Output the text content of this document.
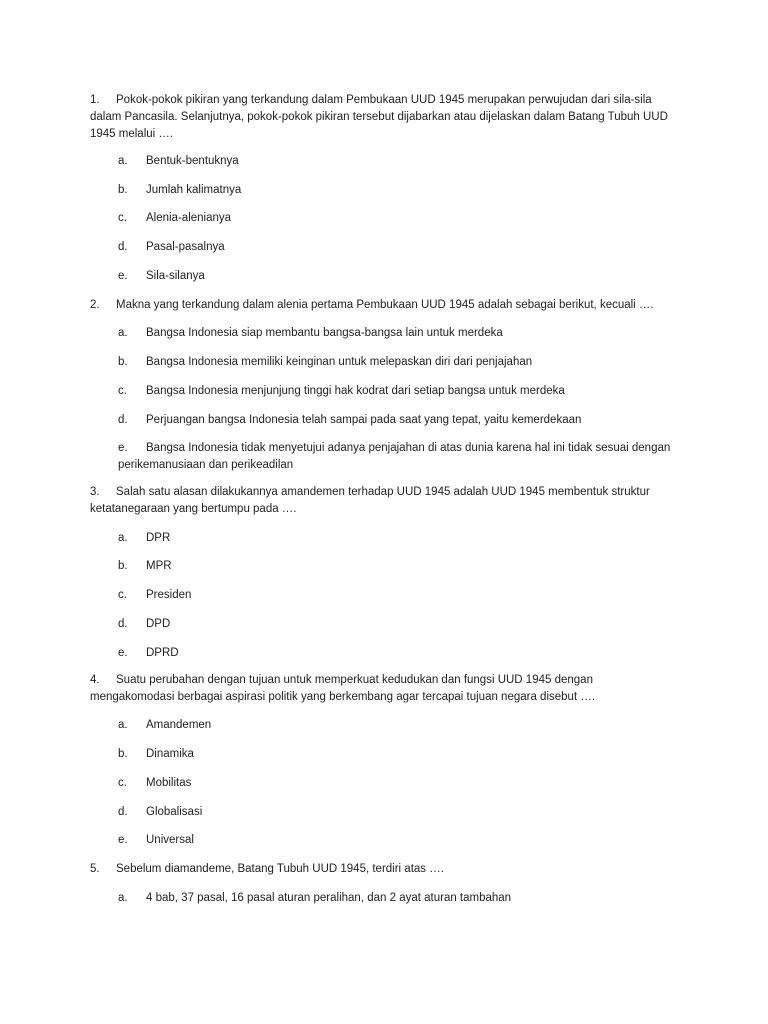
1. Pokok-pokok pikiran yang terkandung dalam Pembukaan UUD 1945 merupakan perwujudan dari sila-sila dalam Pancasila. Selanjutnya, pokok-pokok pikiran tersebut dijabarkan atau dijelaskan dalam Batang Tubuh UUD 1945 melalui ….

a. Bentuk-bentuknya

b. Jumlah kalimatnya

c. Alenia-alenianya

d. Pasal-pasalnya

e. Sila-silanya

2. Makna yang terkandung dalam alenia pertama Pembukaan UUD 1945 adalah sebagai berikut, kecuali ….

a. Bangsa Indonesia siap membantu bangsa-bangsa lain untuk merdeka

b. Bangsa Indonesia memiliki keinginan untuk melepaskan diri dari penjajahan

c. Bangsa Indonesia menjunjung tinggi hak kodrat dari setiap bangsa untuk merdeka

d. Perjuangan bangsa Indonesia telah sampai pada saat yang tepat, yaitu kemerdekaan

e. Bangsa Indonesia tidak menyetujui adanya penjajahan di atas dunia karena hal ini tidak sesuai dengan perikemanusiaan dan perikeadilan

3. Salah satu alasan dilakukannya amandemen terhadap UUD 1945 adalah UUD 1945 membentuk struktur ketatanegaraan yang bertumpu pada ….

a. DPR

b. MPR

c. Presiden

d. DPD

e. DPRD

4. Suatu perubahan dengan tujuan untuk memperkuat kedudukan dan fungsi UUD 1945 dengan mengakomodasi berbagai aspirasi politik yang berkembang agar tercapai tujuan negara disebut ….

a. Amandemen

b. Dinamika

c. Mobilitas

d. Globalisasi

e. Universal

5. Sebelum diamandeme, Batang Tubuh UUD 1945, terdiri atas ….

a. 4 bab, 37 pasal, 16 pasal aturan peralihan, dan 2 ayat aturan tambahan
